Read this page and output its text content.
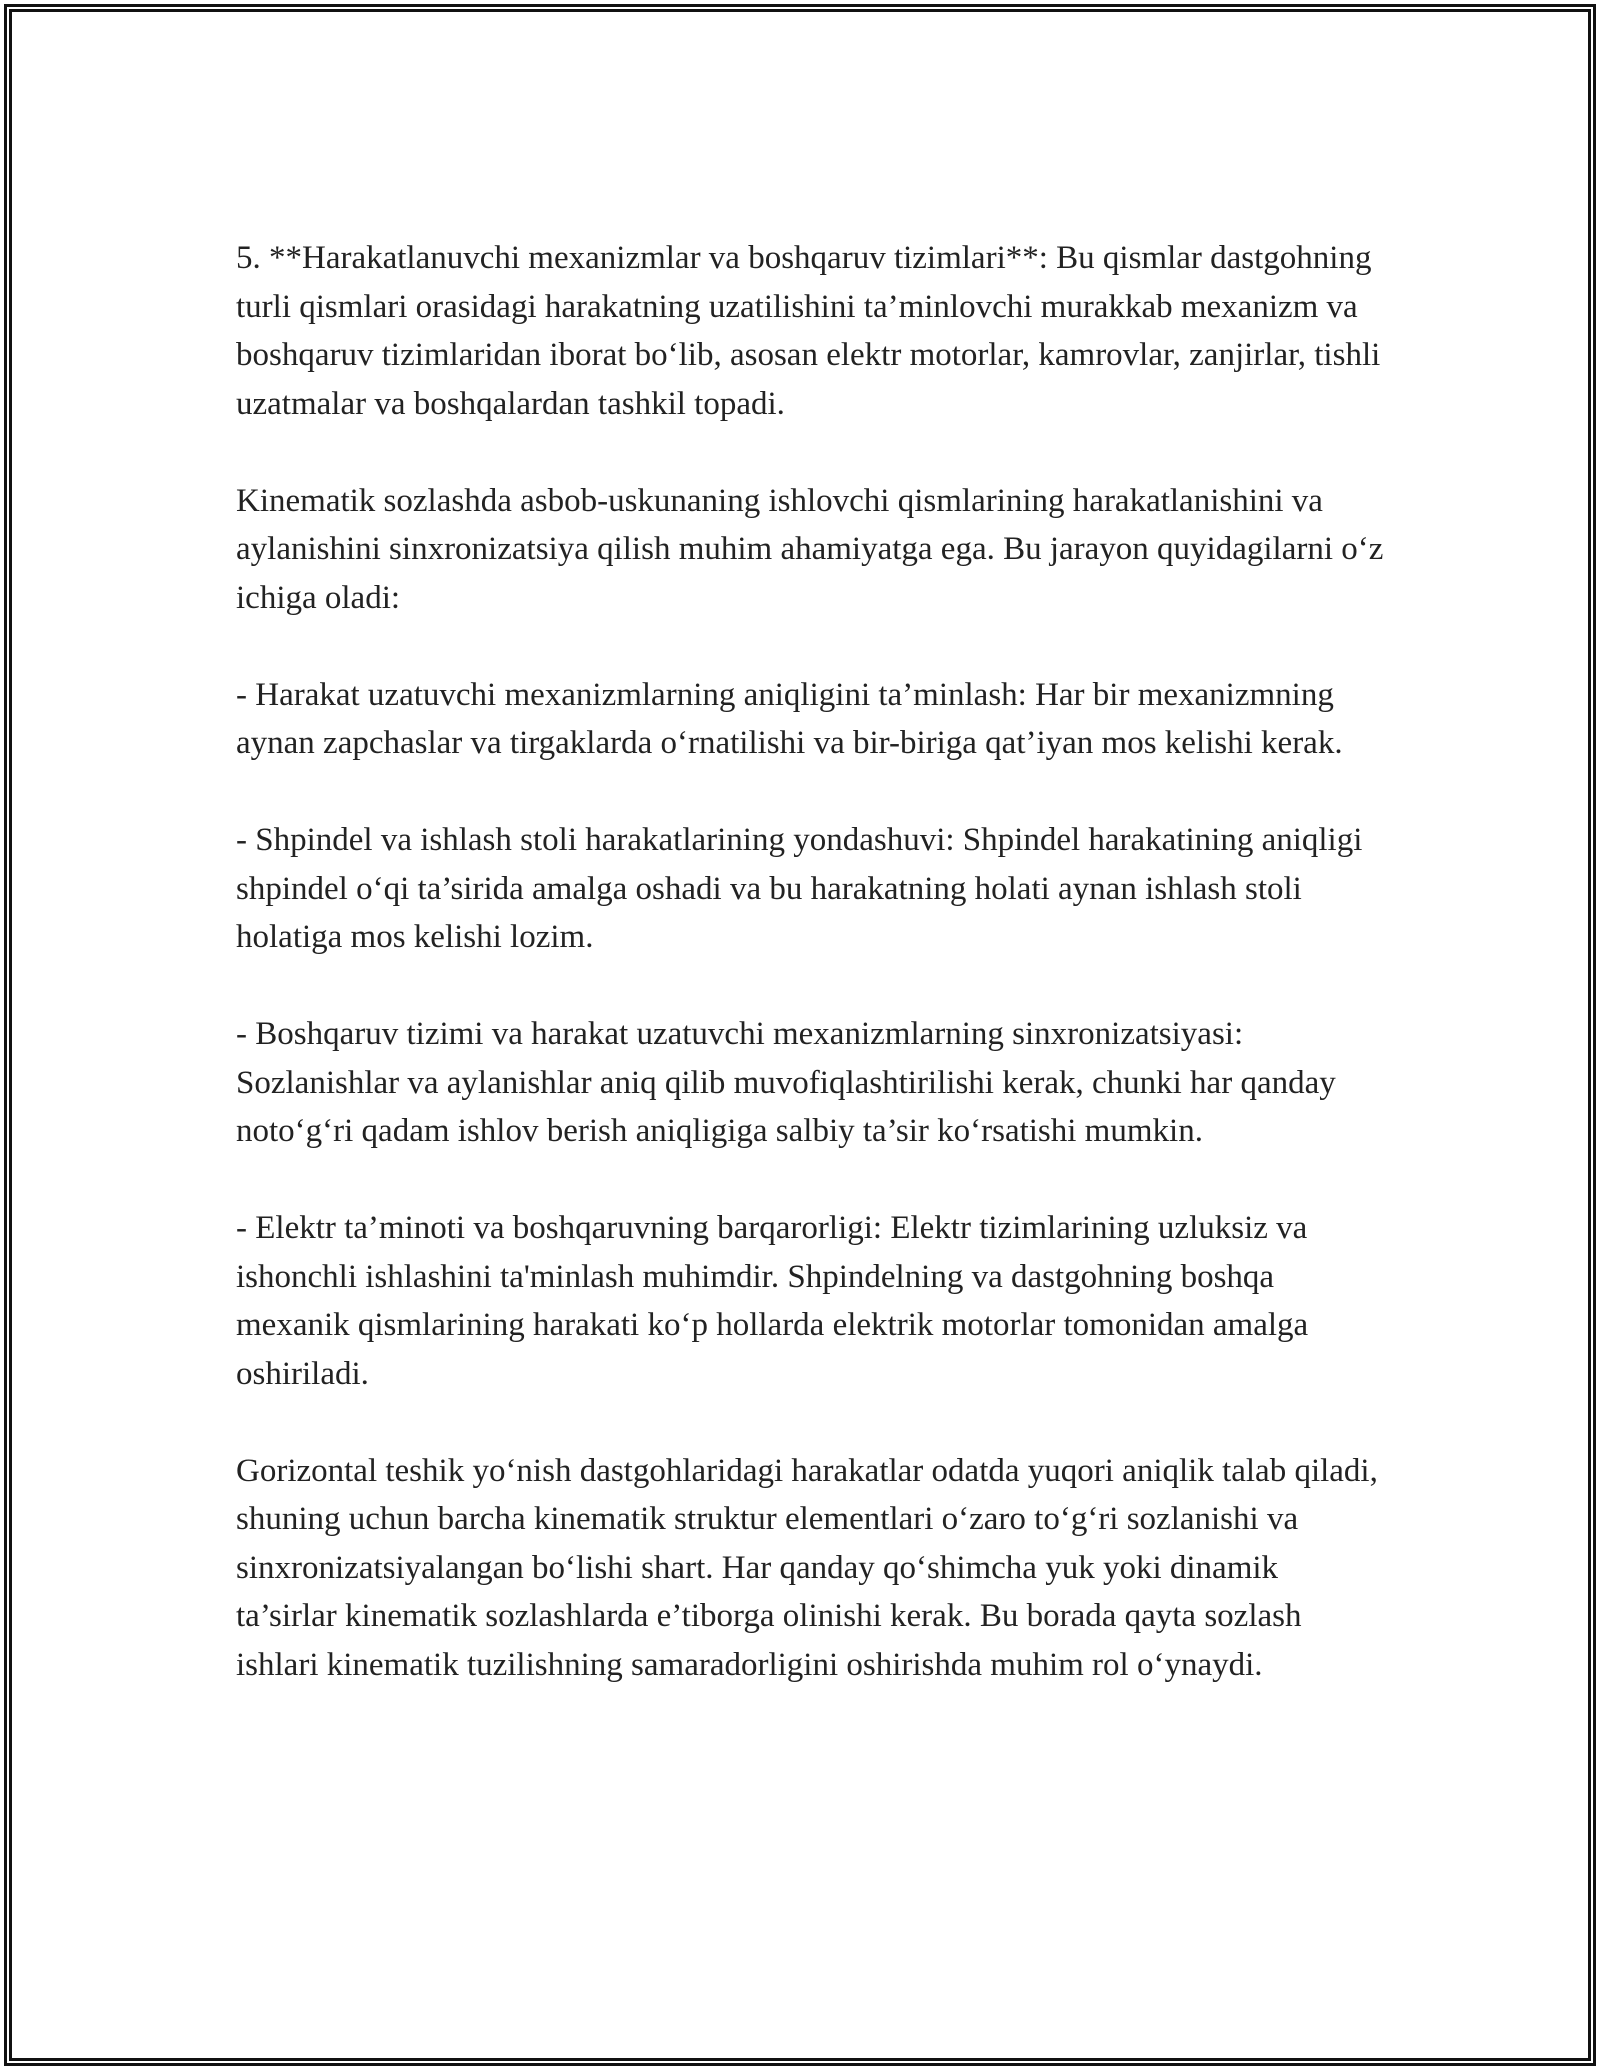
5. **Harakatlanuvchi mexanizmlar va boshqaruv tizimlari**: Bu qismlar dastgohning turli qismlari orasidagi harakatning uzatilishini ta’minlovchi murakkab mexanizm va boshqaruv tizimlaridan iborat bo‘lib, asosan elektr motorlar, kamrovlar, zanjirlar, tishli uzatmalar va boshqalardan tashkil topadi.

Kinematik sozlashda asbob-uskunaning ishlovchi qismlarining harakatlanishini va aylanishini sinxronizatsiya qilish muhim ahamiyatga ega. Bu jarayon quyidagilarni o‘z ichiga oladi:

- Harakat uzatuvchi mexanizmlarning aniqligini ta’minlash: Har bir mexanizmning aynan zapchaslar va tirgaklarda o‘rnatilishi va bir-biriga qat’iyan mos kelishi kerak.

- Shpindel va ishlash stoli harakatlarining yondashuvi: Shpindel harakatining aniqligi shpindel o‘qi ta’sirida amalga oshadi va bu harakatning holati aynan ishlash stoli holatiga mos kelishi lozim.

- Boshqaruv tizimi va harakat uzatuvchi mexanizmlarning sinxronizatsiyasi: Sozlanishlar va aylanishlar aniq qilib muvofiqlashtirilishi kerak, chunki har qanday noto‘g‘ri qadam ishlov berish aniqligiga salbiy ta’sir ko‘rsatishi mumkin.

- Elektr ta’minoti va boshqaruvning barqarorligi: Elektr tizimlarining uzluksiz va ishonchli ishlashini ta'minlash muhimdir. Shpindelning va dastgohning boshqa mexanik qismlarining harakati ko‘p hollarda elektrik motorlar tomonidan amalga oshiriladi.

Gorizontal teshik yo‘nish dastgohlaridagi harakatlar odatda yuqori aniqlik talab qiladi, shuning uchun barcha kinematik struktur elementlari o‘zaro to‘g‘ri sozlanishi va sinxronizatsiyalangan bo‘lishi shart. Har qanday qo‘shimcha yuk yoki dinamik ta’sirlar kinematik sozlashlarda e’tiborga olinishi kerak. Bu borada qayta sozlash ishlari kinematik tuzilishning samaradorligini oshirishda muhim rol o‘ynaydi.
